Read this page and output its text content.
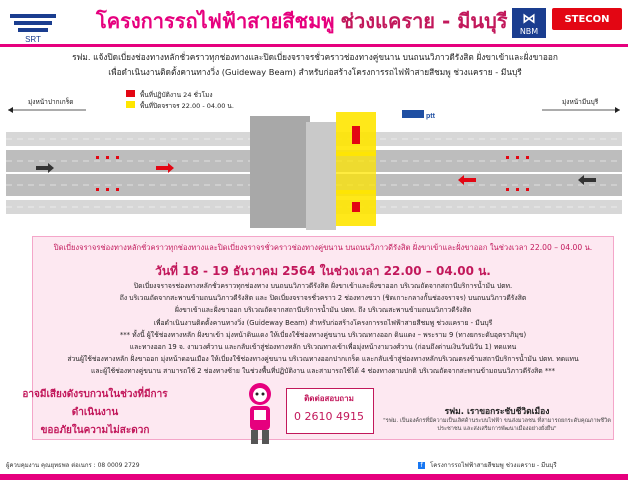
SRT
โครงการรถไฟฟ้าสายสีชมพู ช่วงแคราย - มีนบุรี ⋈
NBM
STECON
รฟม. แจ้งปิดเบี่ยงช่องทางหลักชั่วคราวทุกช่องทางและปิดเบี่ยงจราจรชั่วคราวช่องทางคู่ขนาน บนถนนวิภาวดีรังสิต ฝั่งขาเข้าและฝั่งขาออก
เพื่อดำเนินงานติดตั้งคานทางวิ่ง (Guideway Beam) สำหรับก่อสร้างโครงการรถไฟฟ้าสายสีชมพู ช่วงแคราย - มีนบุรี
พื้นที่ปฏิบัติงาน 24 ชั่วโมง
พื้นที่ปิดจราจร 22.00 - 04.00 น.
มุ่งหน้าปากเกร็ด	มุ่งหน้ามีนบุรี
ptt
ปิดเบี่ยงจราจรช่องทางหลักชั่วคราวทุกช่องทางและปิดเบี่ยงจราจรชั่วคราวช่องทางคู่ขนาน บนถนนวิภาวดีรังสิต ฝั่งขาเข้าและฝั่งขาออก ในช่วงเวลา 22.00 – 04.00 น.
วันที่ 18 - 19 ธันวาคม 2564 ในช่วงเวลา 22.00 – 04.00 น.
ปิดเบี่ยงจราจรช่องทางหลักชั่วคราวทุกช่องทาง บนถนนวิภาวดีรังสิต ฝั่งขาเข้าและฝั่งขาออก บริเวณถัดจากสถานีบริการน้ำมัน ปตท.
ถึง บริเวณถัดจากสะพานข้ามถนนวิภาวดีรังสิต และ ปิดเบี่ยงจราจรชั่วคราว 2 ช่องทางขวา (ชิดเกาะกลางกั้นช่องจราจร) บนถนนวิภาวดีรังสิต
ฝั่งขาเข้าและฝั่งขาออก บริเวณถัดจากสถานีบริการน้ำมัน ปตท. ถึง บริเวณสะพานข้ามถนนวิภาวดีรังสิต
เพื่อดำเนินงานติดตั้งคานทางวิ่ง (Guideway Beam) สำหรับก่อสร้างโครงการรถไฟฟ้าสายสีชมพู ช่วงแคราย - มีนบุรี
*** ทั้งนี้ ผู้ใช้ช่องทางหลัก ฝั่งขาเข้า มุ่งหน้าดินแดง ให้เบี่ยงใช้ช่องทางคู่ขนาน บริเวณทางออก ดินแดง – พระราม 9 (ทางยกระดับอุตราภิมุข)
และทางออก 19 จ. งามวงศ์วาน และกลับเข้าสู่ช่องทางหลัก บริเวณทางเข้าเพื่อมุ่งหน้างามวงศ์วาน (ก่อนถึงด่านเงินวันนิวัน 1) ทดแทน
ส่วนผู้ใช้ช่องทางหลัก ฝั่งขาออก มุ่งหน้าดอนเมือง ให้เบี่ยงใช้ช่องทางคู่ขนาน บริเวณทางออกปากเกร็ด และกลับเข้าสู่ช่องทางหลักบริเวณตรงข้ามสถานีบริการน้ำมัน ปตท. ทดแทน
และผู้ใช้ช่องทางคู่ขนาน สามารถใช้ 2 ช่องทางซ้าย ในช่วงพื้นที่ปฏิบัติงาน และสามารถใช้ได้ 4 ช่องทางตามปกติ บริเวณถัดจากสะพานข้ามถนนวิภาวดีรังสิต ***
อาจมีเสียงดังรบกวนในช่วงที่มีการดำเนินงาน
ขออภัยในความไม่สะดวก
ติดต่อสอบถาม
0 2610 4915	รฟม. เราขอกระชับชีวิตเมือง
"รฟม. เป็นองค์กรที่มีความเป็นเลิศด้านระบบไฟฟ้า ขนส่งมวลชน ที่สามารถยกระดับคุณภาพชีวิตประชาชน และส่งเสริมการพัฒนาเมืองอย่างยั่งยืน"
ผู้ควบคุมงาน คุณยุทธพล ต่อเนกร : 08 0009 2729	f โครงการรถไฟฟ้าสายสีชมพู ช่วงแคราย - มีนบุรี
